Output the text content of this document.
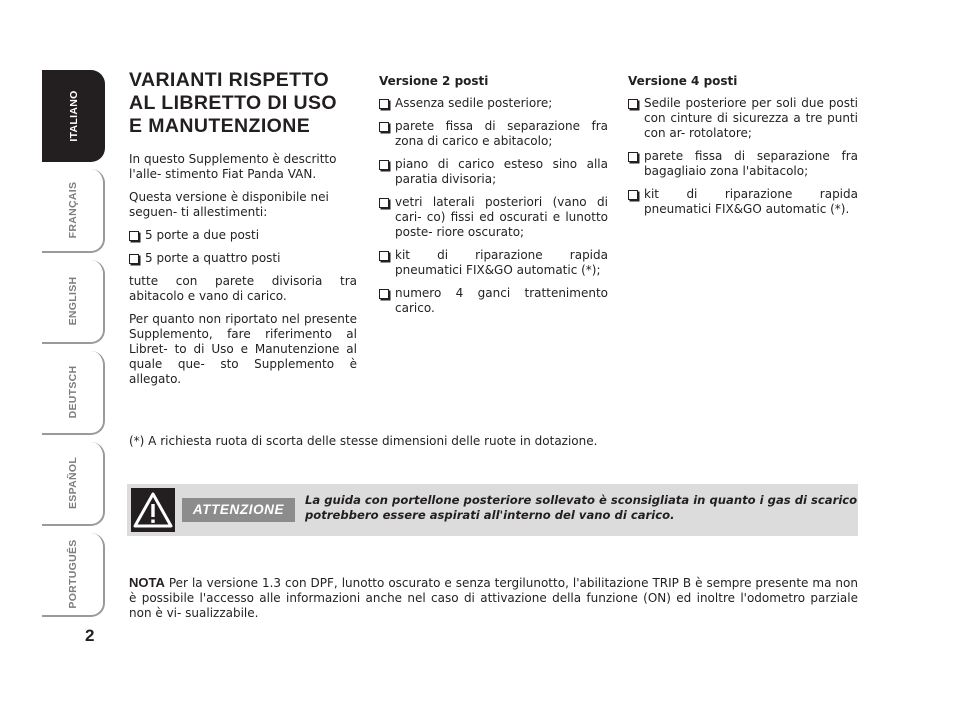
ITALIANO
FRANÇAIS
ENGLISH
DEUTSCH
ESPAÑOL
PORTUGUÊS
2
VARIANTI RISPETTO
AL LIBRETTO DI USO
E MANUTENZIONE

In questo Supplemento è descritto l'alle- stimento Fiat Panda VAN.

Questa versione è disponibile nei seguen- ti allestimenti:

5 porte a due posti

5 porte a quattro posti

tutte con parete divisoria tra abitacolo e vano di carico.

Per quanto non riportato nel presente Supplemento, fare riferimento al Libret- to di Uso e Manutenzione al quale que- sto Supplemento è allegato.

Versione 2 posti

Assenza sedile posteriore;

parete fissa di separazione fra zona di carico e abitacolo;

piano di carico esteso sino alla paratia divisoria;

vetri laterali posteriori (vano di cari- co) fissi ed oscurati e lunotto poste- riore oscurato;

kit di riparazione rapida pneumatici FIX&GO automatic (*);

numero 4 ganci trattenimento carico.

Versione 4 posti

Sedile posteriore per soli due posti con cinture di sicurezza a tre punti con ar- rotolatore;

parete fissa di separazione fra bagagliaio zona l'abitacolo;

kit di riparazione rapida pneumatici FIX&GO automatic (*).

(*) A richiesta ruota di scorta delle stesse dimensioni delle ruote in dotazione.
ATTENZIONE
La guida con portellone posteriore sollevato è sconsigliata in quanto i gas di scarico
potrebbero essere aspirati all'interno del vano di carico.

NOTA Per la versione 1.3 con DPF, lunotto oscurato e senza tergilunotto, l'abilitazione TRIP B è sempre presente ma non è possibile l'accesso alle informazioni anche nel caso di attivazione della funzione (ON) ed inoltre l'odometro parziale non è vi- sualizzabile.
